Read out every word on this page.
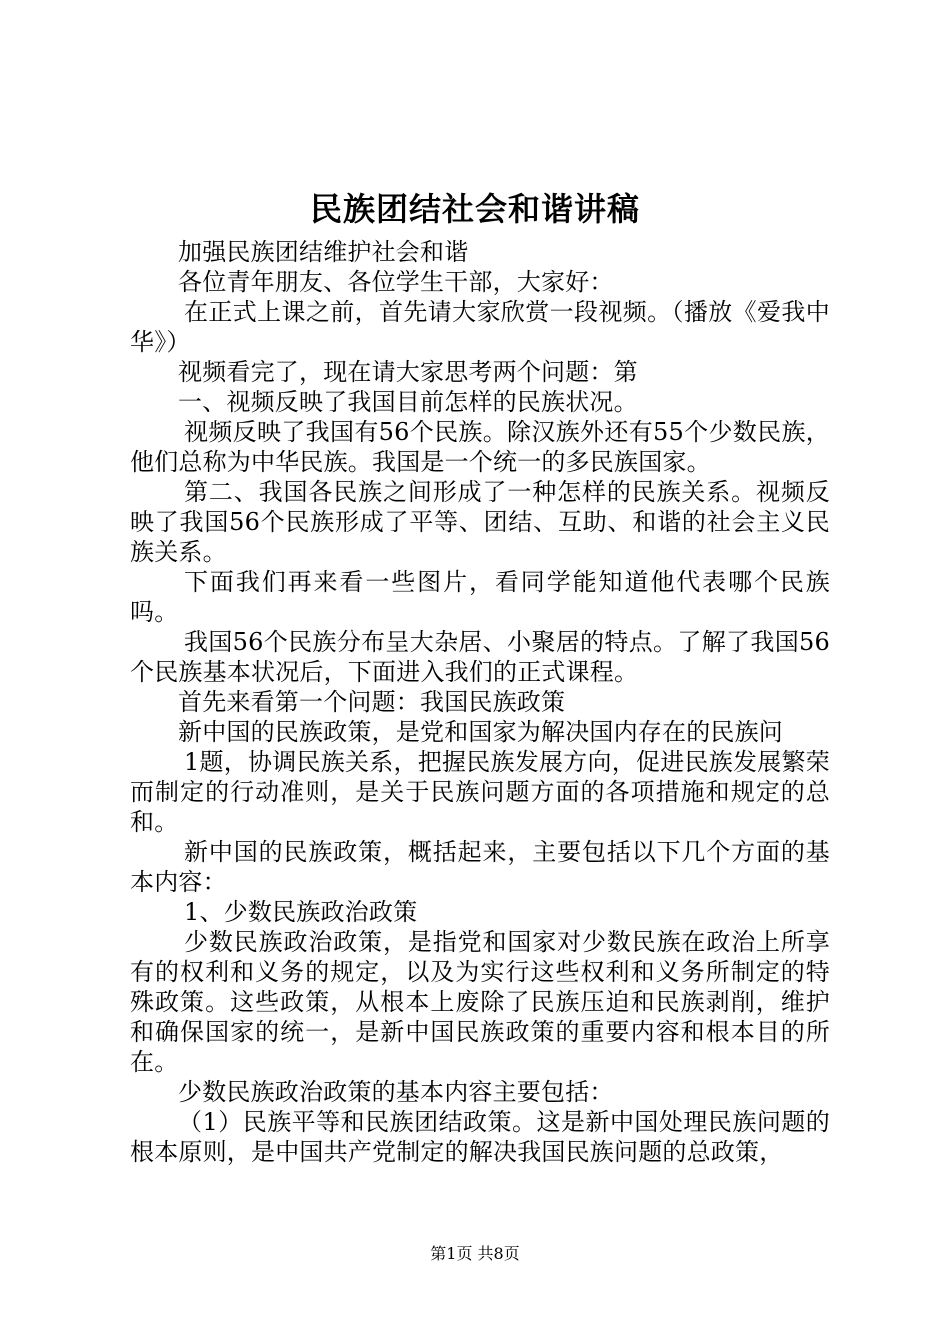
民族团结社会和谐讲稿

加强民族团结维护社会和谐

各位青年朋友、各位学生干部，大家好：

在正式上课之前，首先请大家欣赏一段视频。（播放《爱我中华》）

视频看完了，现在请大家思考两个问题：第

一、视频反映了我国目前怎样的民族状况。

视频反映了我国有56个民族。除汉族外还有55个少数民族，他们总称为中华民族。我国是一个统一的多民族国家。

第二、我国各民族之间形成了一种怎样的民族关系。视频反映了我国56个民族形成了平等、团结、互助、和谐的社会主义民族关系。

下面我们再来看一些图片，看同学能知道他代表哪个民族吗。

我国56个民族分布呈大杂居、小聚居的特点。了解了我国56个民族基本状况后，下面进入我们的正式课程。

首先来看第一个问题：我国民族政策

新中国的民族政策，是党和国家为解决国内存在的民族问

1题，协调民族关系，把握民族发展方向，促进民族发展繁荣而制定的行动准则，是关于民族问题方面的各项措施和规定的总和。

新中国的民族政策，概括起来，主要包括以下几个方面的基本内容：

1、少数民族政治政策

少数民族政治政策，是指党和国家对少数民族在政治上所享有的权利和义务的规定，以及为实行这些权利和义务所制定的特殊政策。这些政策，从根本上废除了民族压迫和民族剥削，维护和确保国家的统一，是新中国民族政策的重要内容和根本目的所在。

少数民族政治政策的基本内容主要包括：

（1）民族平等和民族团结政策。这是新中国处理民族问题的根本原则，是中国共产党制定的解决我国民族问题的总政策，

第1页 共8页
